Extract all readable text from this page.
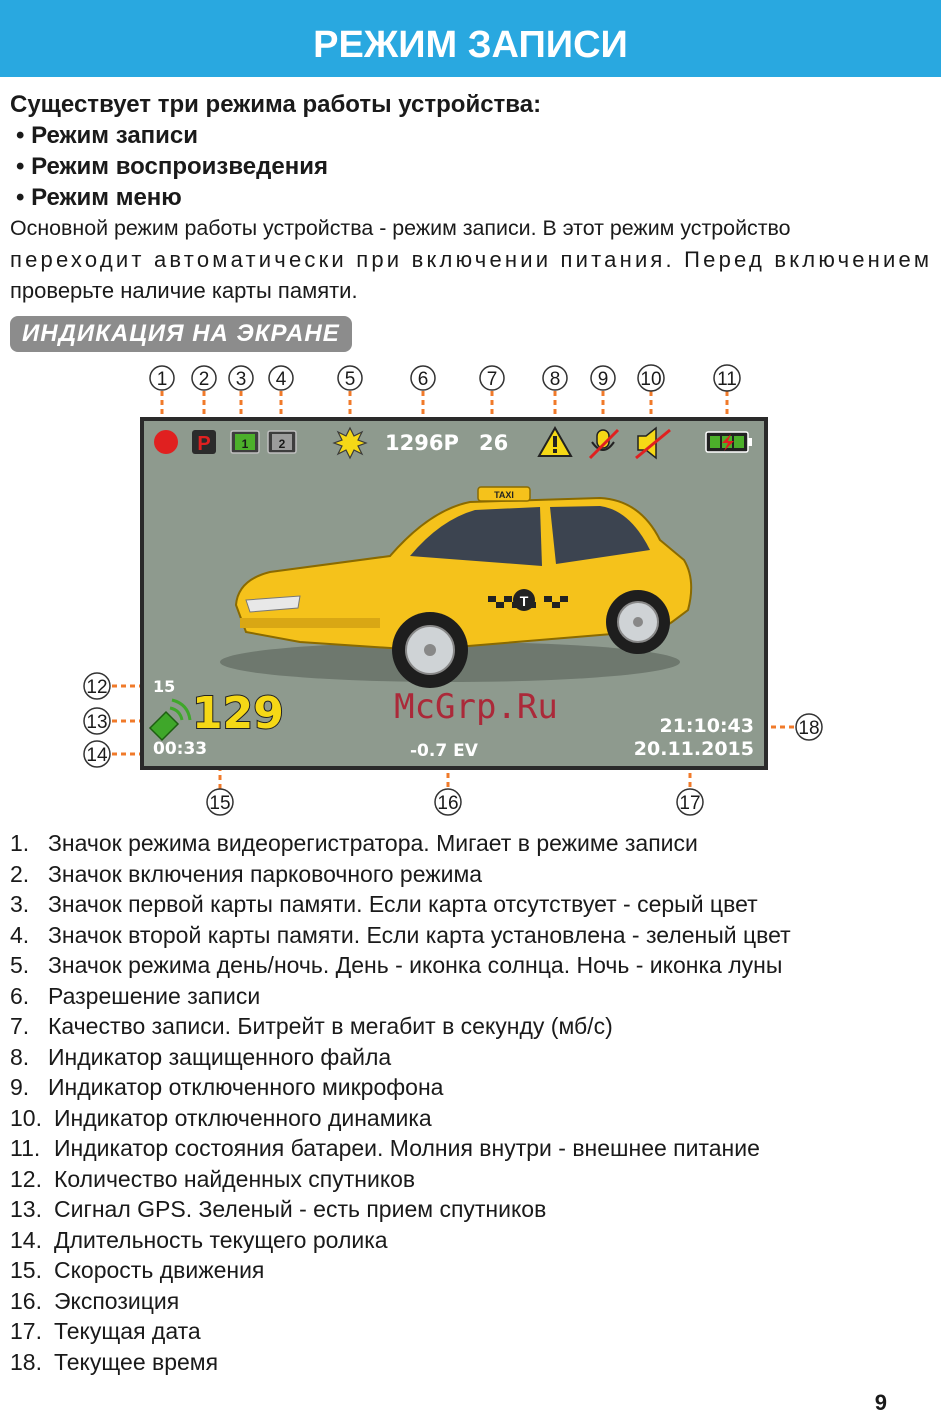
РЕЖИМ ЗАПИСИ
Существует три режима работы устройства:
• Режим записи
• Режим воспроизведения
• Режим меню

Основной режим работы устройства - режим записи. В этот режим устройство

переходит автоматически при включении питания. Перед включением

проверьте наличие карты памяти.

ИНДИКАЦИЯ НА ЭКРАНЕ
P	1	2	1296P 26
TAXI
T
15
129
00:33	-0.7 EV
21:10:43
20.11.2015
McGrp.Ru
1 2 3 4	5	6	7	8 9 10	11
12
13
14
15	16	17
18
1. Значок режима видеорегистратора. Мигает в режиме записи
2. Значок включения парковочного режима
3. Значок первой карты памяти. Если карта отсутствует - серый цвет
4. Значок второй карты памяти. Если карта установлена - зеленый цвет
5. Значок режима день/ночь. День - иконка солнца. Ночь - иконка луны
6. Разрешение записи
7. Качество записи. Битрейт в мегабит в секунду (мб/с)
8. Индикатор защищенного файла
9. Индикатор отключенного микрофона
10. Индикатор отключенного динамика
11. Индикатор состояния батареи. Молния внутри - внешнее питание
12. Количество найденных спутников
13. Сигнал GPS. Зеленый - есть прием спутников
14. Длительность текущего ролика
15. Скорость движения
16. Экспозиция
17. Текущая дата
18. Текущее время
9
